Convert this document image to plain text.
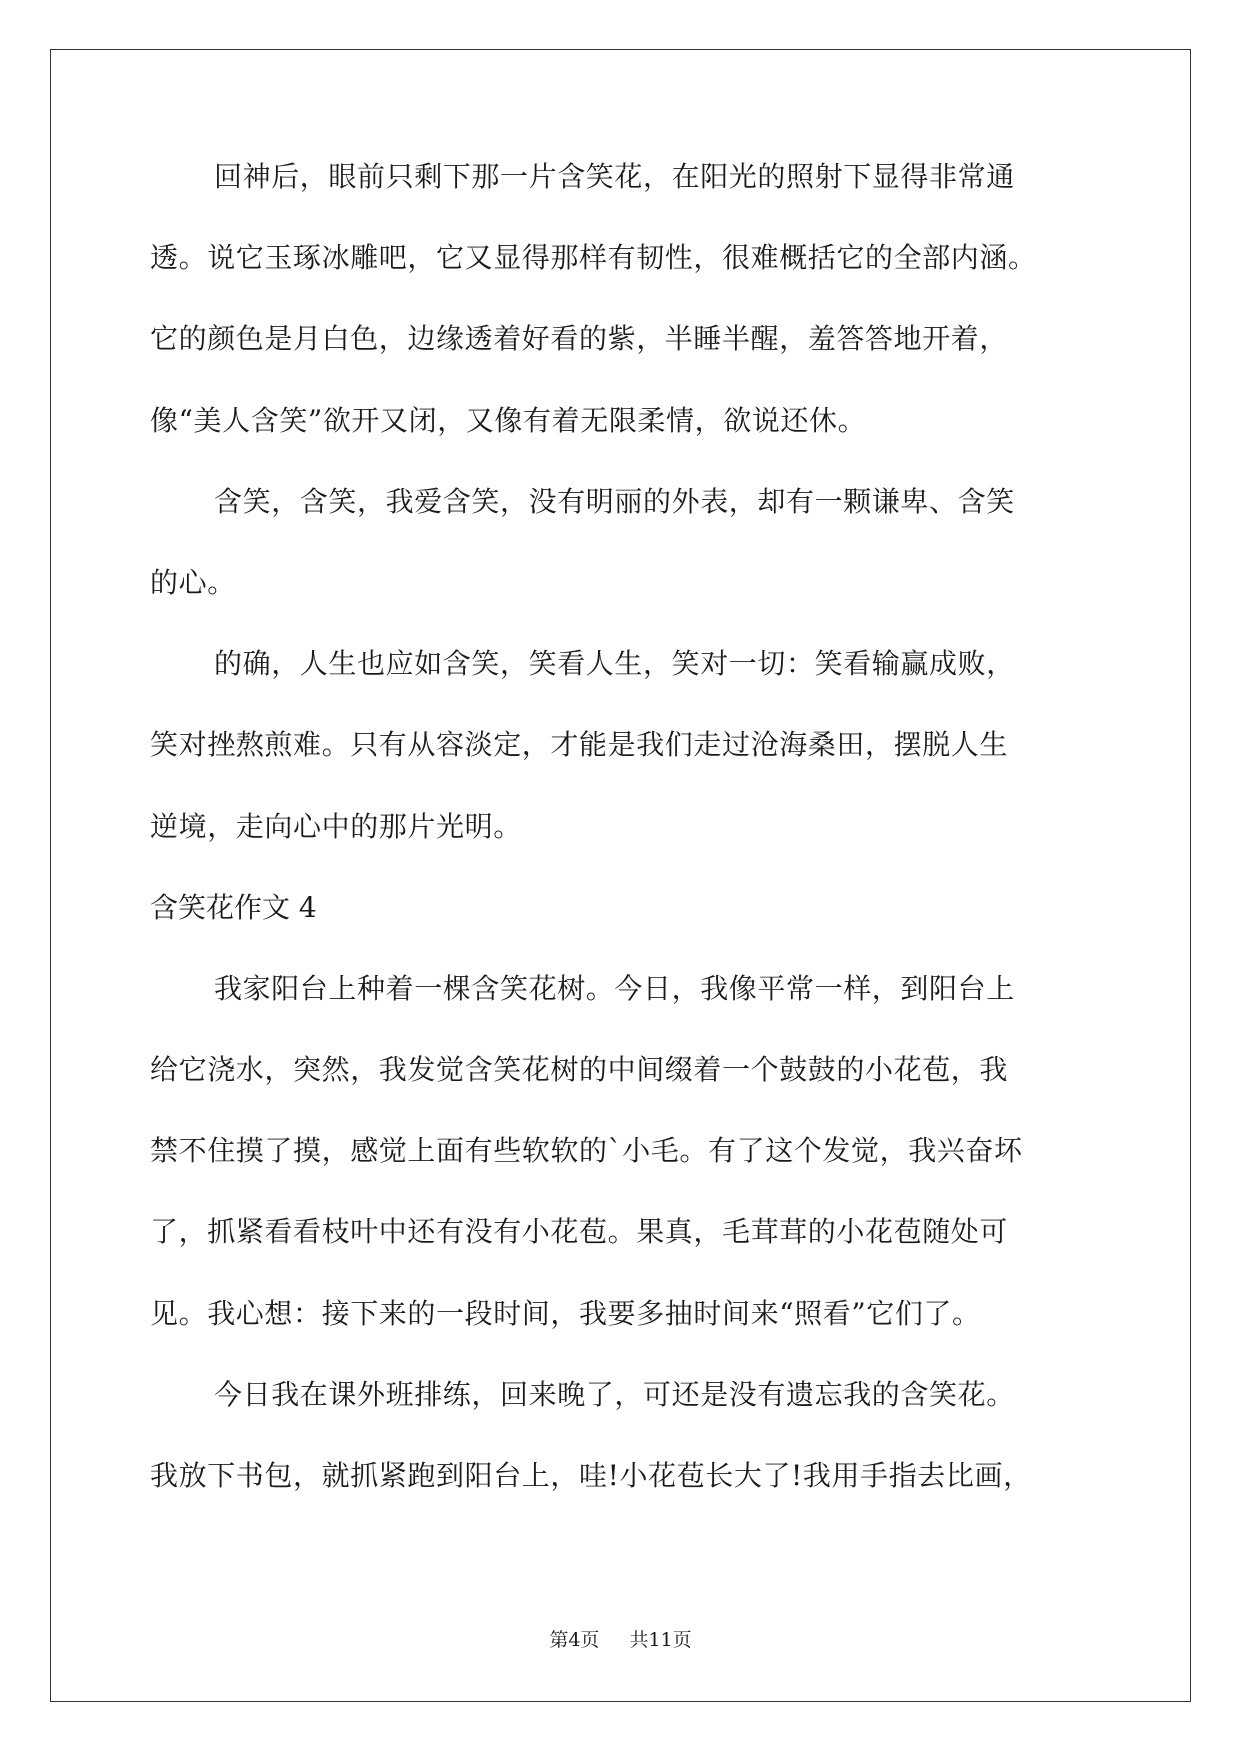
回神后，眼前只剩下那一片含笑花，在阳光的照射下显得非常通
透。说它玉琢冰雕吧，它又显得那样有韧性，很难概括它的全部内涵。
它的颜色是月白色，边缘透着好看的紫，半睡半醒，羞答答地开着，
像“美人含笑”欲开又闭，又像有着无限柔情，欲说还休。
含笑，含笑，我爱含笑，没有明丽的外表，却有一颗谦卑、含笑
的心。
的确，人生也应如含笑，笑看人生，笑对一切：笑看输赢成败，
笑对挫熬煎难。只有从容淡定，才能是我们走过沧海桑田，摆脱人生
逆境，走向心中的那片光明。
含笑花作文 4
我家阳台上种着一棵含笑花树。今日，我像平常一样，到阳台上
给它浇水，突然，我发觉含笑花树的中间缀着一个鼓鼓的小花苞，我
禁不住摸了摸，感觉上面有些软软的`小毛。有了这个发觉，我兴奋坏
了，抓紧看看枝叶中还有没有小花苞。果真，毛茸茸的小花苞随处可
见。我心想：接下来的一段时间，我要多抽时间来“照看”它们了。
今日我在课外班排练，回来晚了，可还是没有遗忘我的含笑花。
我放下书包，就抓紧跑到阳台上，哇!小花苞长大了!我用手指去比画，
第4页 共11页
